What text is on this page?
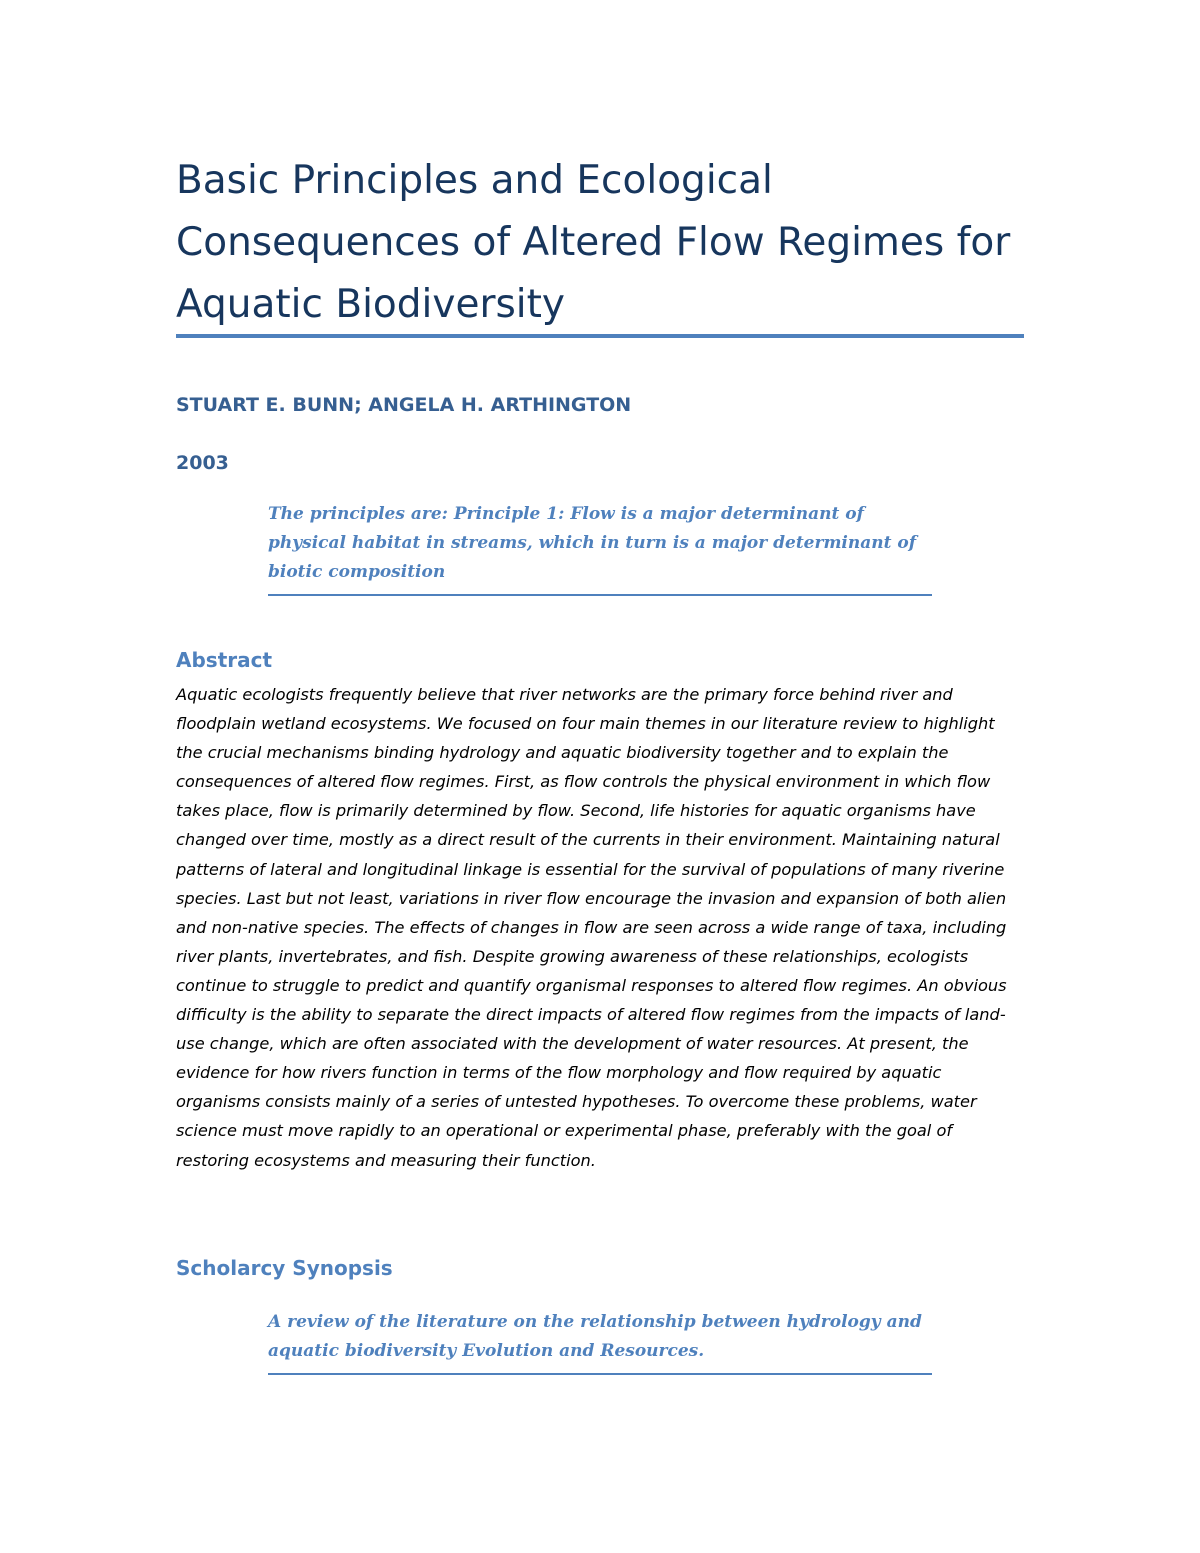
Basic Principles and Ecological Consequences of Altered Flow Regimes for Aquatic Biodiversity
STUART E. BUNN; ANGELA H. ARTHINGTON
2003
The principles are: Principle 1: Flow is a major determinant of physical habitat in streams, which in turn is a major determinant of biotic composition
Abstract

Aquatic ecologists frequently believe that river networks are the primary force behind river and floodplain wetland ecosystems. We focused on four main themes in our literature review to highlight the crucial mechanisms binding hydrology and aquatic biodiversity together and to explain the consequences of altered flow regimes. First, as flow controls the physical environment in which flow takes place, flow is primarily determined by flow. Second, life histories for aquatic organisms have changed over time, mostly as a direct result of the currents in their environment. Maintaining natural patterns of lateral and longitudinal linkage is essential for the survival of populations of many riverine species. Last but not least, variations in river flow encourage the invasion and expansion of both alien and non-native species. The effects of changes in flow are seen across a wide range of taxa, including river plants, invertebrates, and fish. Despite growing awareness of these relationships, ecologists continue to struggle to predict and quantify organismal responses to altered flow regimes. An obvious difficulty is the ability to separate the direct impacts of altered flow regimes from the impacts of land-use change, which are often associated with the development of water resources. At present, the evidence for how rivers function in terms of the flow morphology and flow required by aquatic organisms consists mainly of a series of untested hypotheses. To overcome these problems, water science must move rapidly to an operational or experimental phase, preferably with the goal of restoring ecosystems and measuring their function.

Scholarcy Synopsis
A review of the literature on the relationship between hydrology and aquatic biodiversity Evolution and Resources.
